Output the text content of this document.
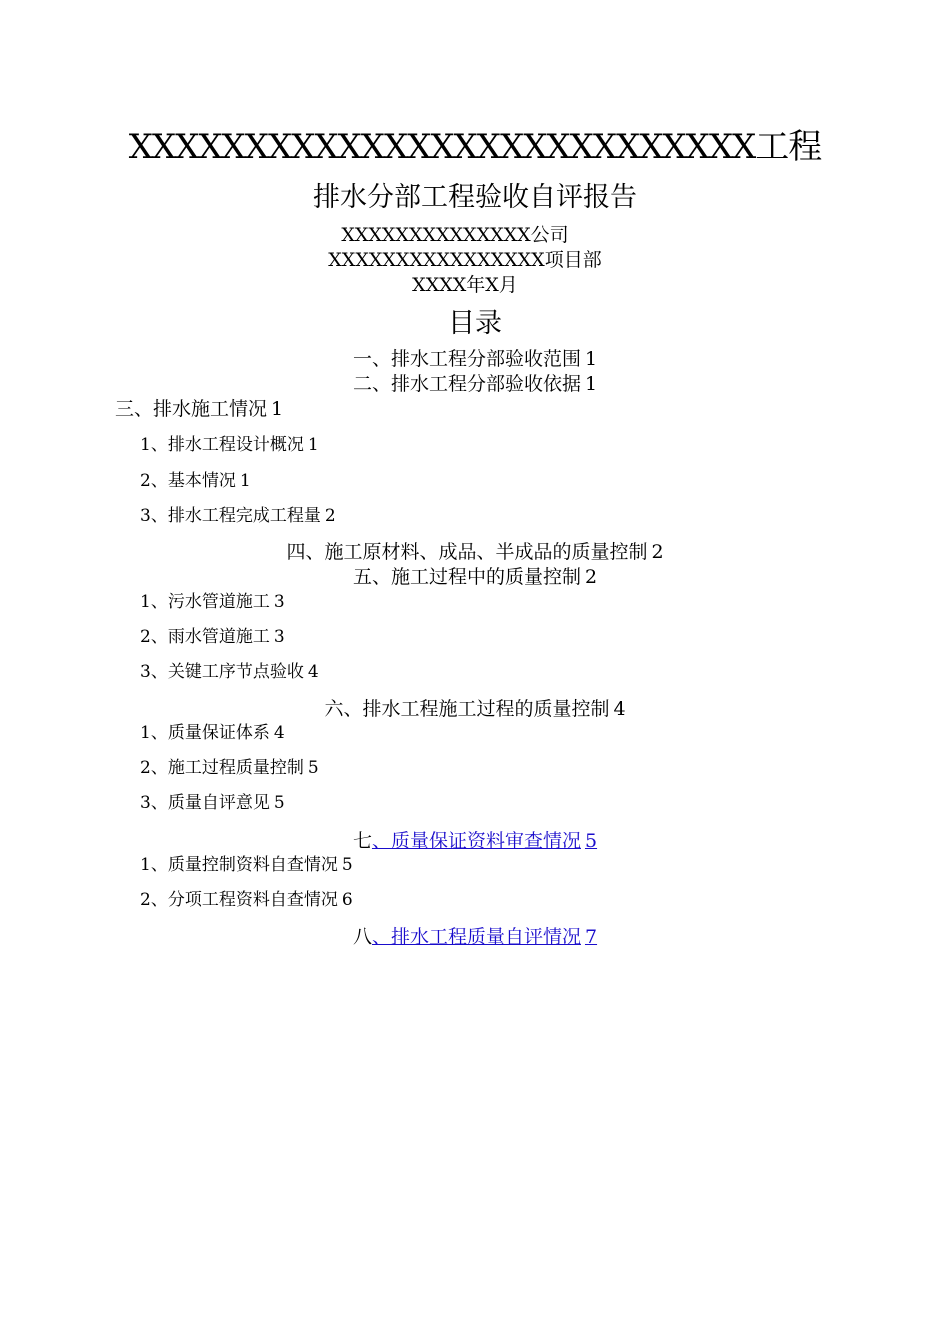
XXXXXXXXXXXXXXXXXXXXXXXXXXX工程
排水分部工程验收自评报告
XXXXXXXXXXXXXX公司
XXXXXXXXXXXXXXXX项目部
XXXX年X月
目录
一、排水工程分部验收范围 1
二、排水工程分部验收依据 1
三、排水施工情况 1
1、排水工程设计概况 1
2、基本情况 1
3、排水工程完成工程量 2
四、施工原材料、成品、半成品的质量控制 2
五、施工过程中的质量控制 2
1、污水管道施工 3
2、雨水管道施工 3
3、关键工序节点验收 4
六、排水工程施工过程的质量控制 4
1、质量保证体系 4
2、施工过程质量控制 5
3、质量自评意见 5
七、质量保证资料审查情况 5
1、质量控制资料自查情况 5
2、分项工程资料自查情况 6
八、排水工程质量自评情况 7
